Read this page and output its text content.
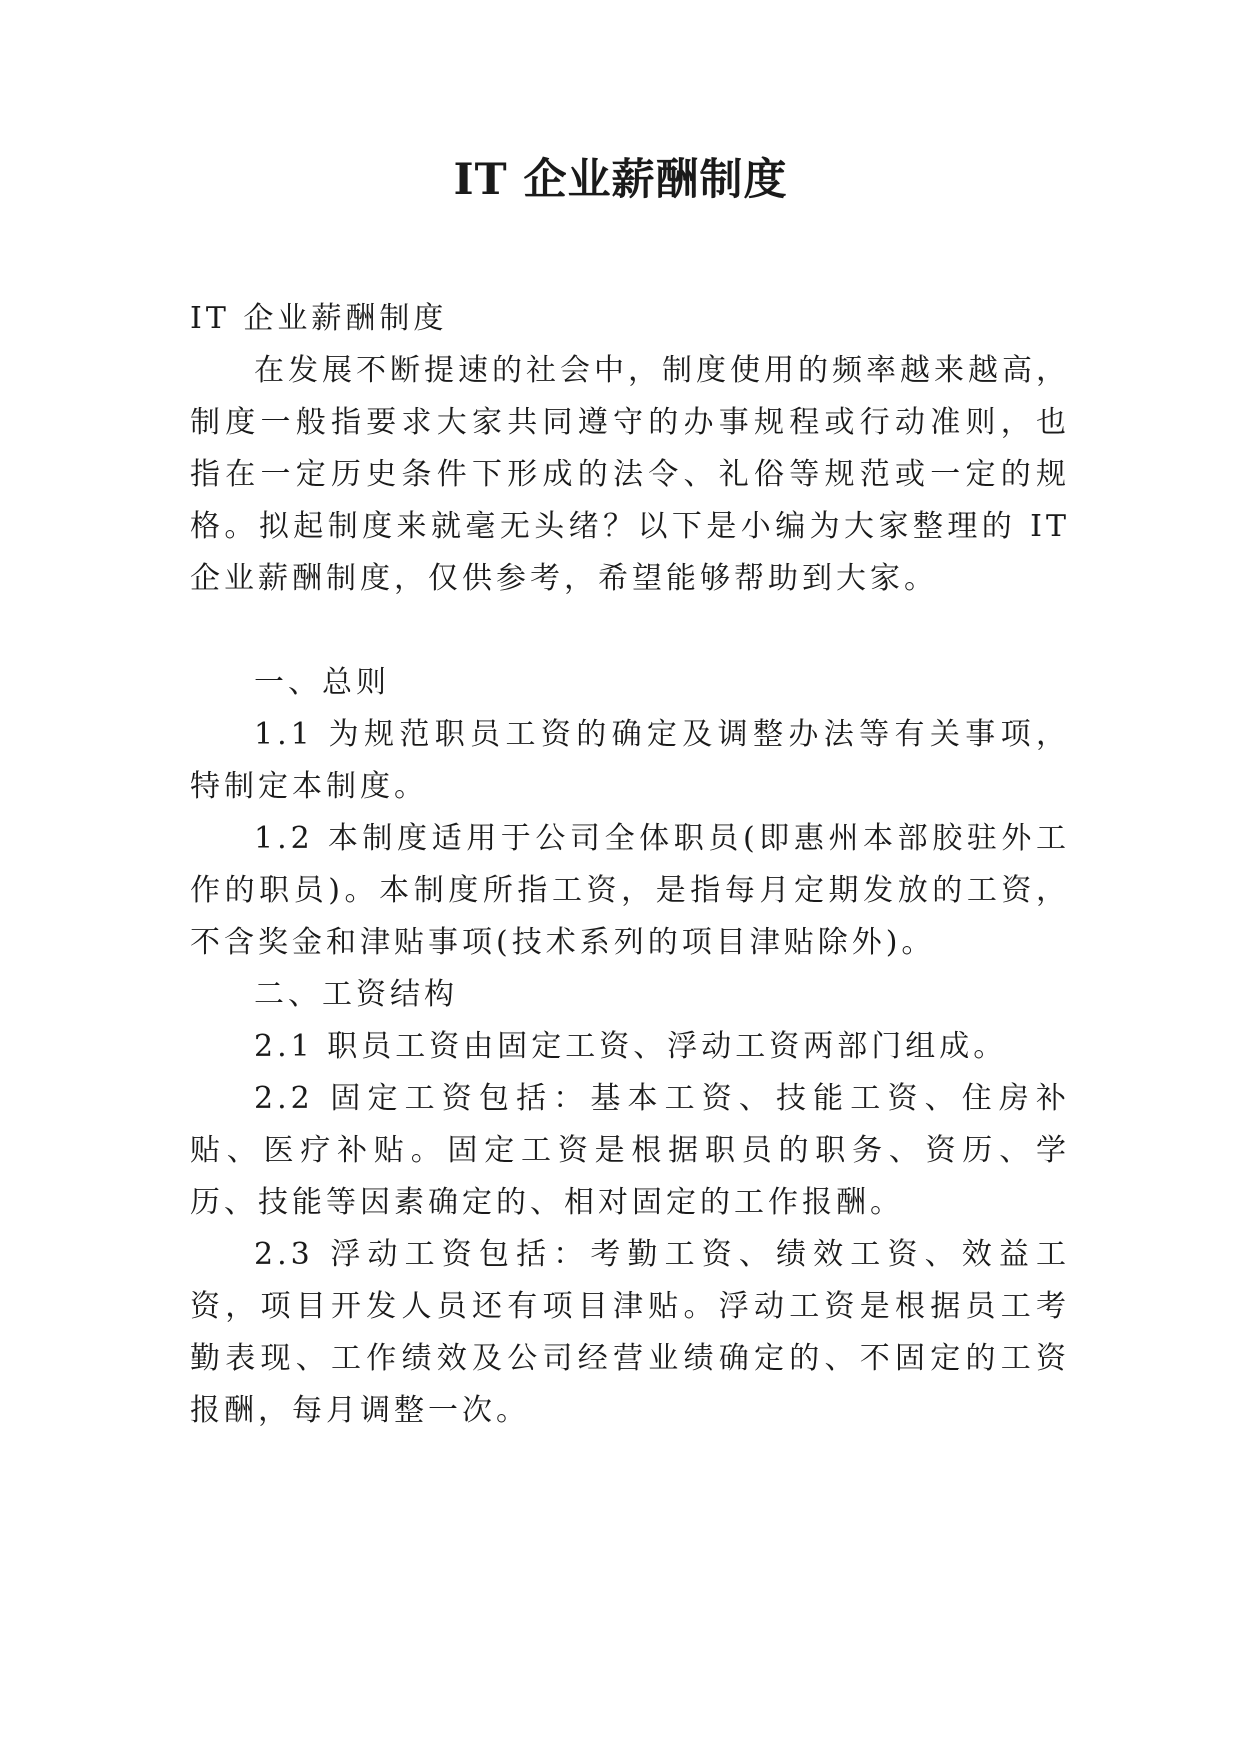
IT 企业薪酬制度

IT 企业薪酬制度

在发展不断提速的社会中，制度使用的频率越来越高，制度一般指要求大家共同遵守的办事规程或行动准则，也指在一定历史条件下形成的法令、礼俗等规范或一定的规格。拟起制度来就毫无头绪？以下是小编为大家整理的 IT 企业薪酬制度，仅供参考，希望能够帮助到大家。

一、总则

1.1 为规范职员工资的确定及调整办法等有关事项，特制定本制度。

1.2 本制度适用于公司全体职员(即惠州本部胶驻外工作的职员)。本制度所指工资，是指每月定期发放的工资，不含奖金和津贴事项(技术系列的项目津贴除外)。

二、工资结构

2.1 职员工资由固定工资、浮动工资两部门组成。

2.2 固定工资包括：基本工资、技能工资、住房补贴、医疗补贴。固定工资是根据职员的职务、资历、学历、技能等因素确定的、相对固定的工作报酬。

2.3 浮动工资包括：考勤工资、绩效工资、效益工资，项目开发人员还有项目津贴。浮动工资是根据员工考勤表现、工作绩效及公司经营业绩确定的、不固定的工资报酬，每月调整一次。
